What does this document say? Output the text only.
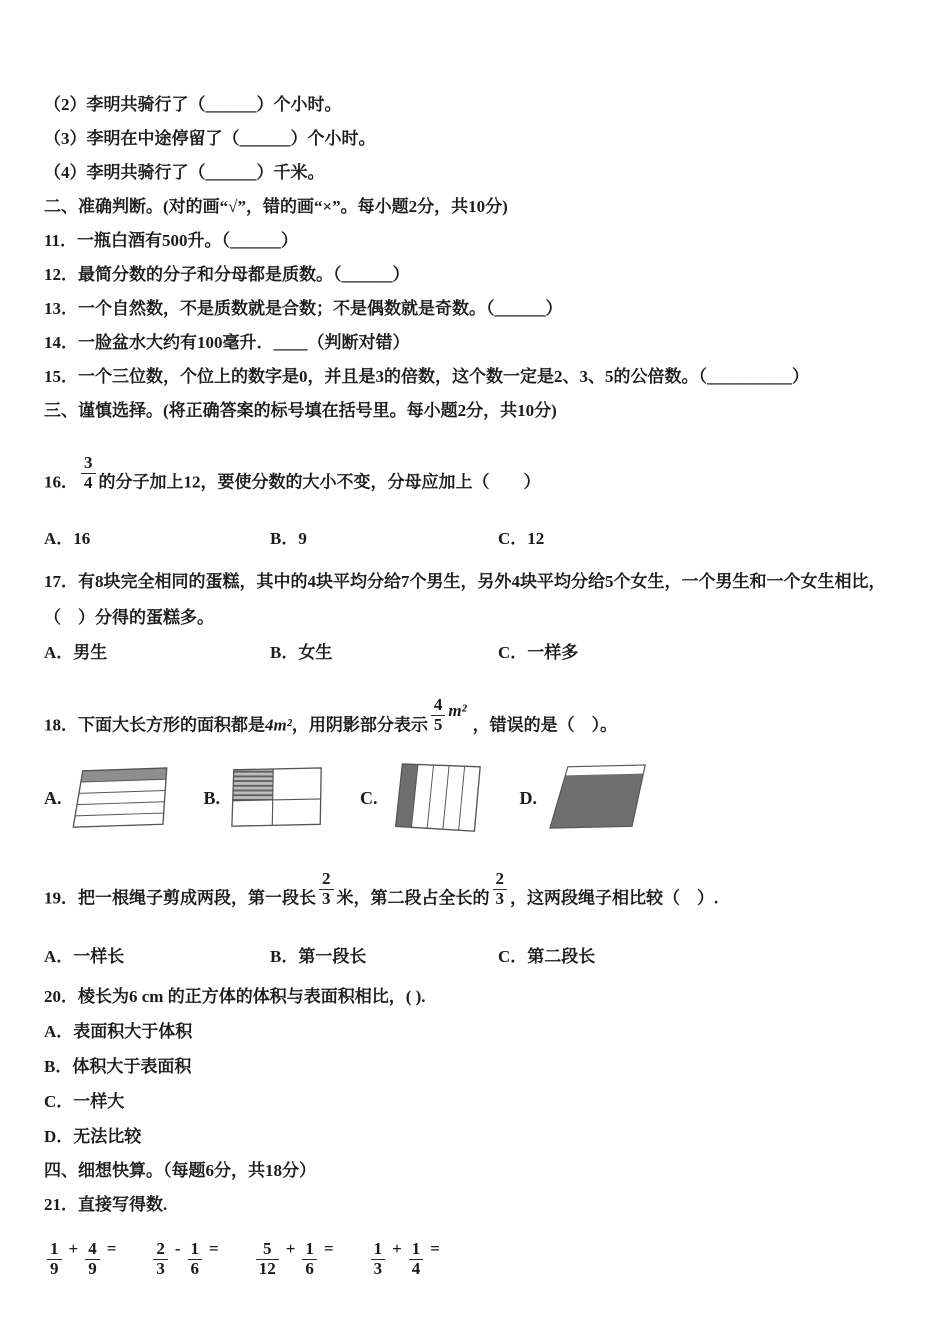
（2）李明共骑行了（______）个小时。
（3）李明在中途停留了（______）个小时。
（4）李明共骑行了（______）千米。
二、准确判断。(对的画“√”，错的画“×”。每小题2分，共10分)
11．一瓶白酒有500升。（______）
12．最简分数的分子和分母都是质数。（______）
13．一个自然数，不是质数就是合数；不是偶数就是奇数。（______）
14．一脸盆水大约有100毫升．____（判断对错）
15．一个三位数，个位上的数字是0，并且是3的倍数，这个数一定是2、3、5的公倍数。（__________）
三、谨慎选择。(将正确答案的标号填在括号里。每小题2分，共10分)
16． $\frac{3}{4}$ 的分子加上12，要使分数的大小不变，分母应加上（　　）
A．16	B．9	C．12
17．有8块完全相同的蛋糕，其中的4块平均分给7个男生，另外4块平均分给5个女生，一个男生和一个女生相比，
（　）分得的蛋糕多。
A．男生	B．女生	C．一样多
18．下面大长方形的面积都是4m²，用阴影部分表示 $\frac{4}{5} m^2$，错误的是（　）。
A.	B.	C.	D.
19．把一根绳子剪成两段，第一段长 $\frac{2}{3}$ 米，第二段占全长的 $\frac{2}{3}$ ，这两段绳子相比较（　）.
A．一样长	B．第一段长	C．第二段长
20．棱长为6 cm 的正方体的体积与表面积相比，( ).
A．表面积大于体积
B．体积大于表面积
C．一样大
D．无法比较
四、细想快算。（每题6分，共18分）
21．直接写得数.
$\frac{1}{9} + \frac{4}{9} = \frac{2}{3} - \frac{1}{6} = \frac{5}{12} + \frac{1}{6} = \frac{1}{3} + \frac{1}{4}$ =
